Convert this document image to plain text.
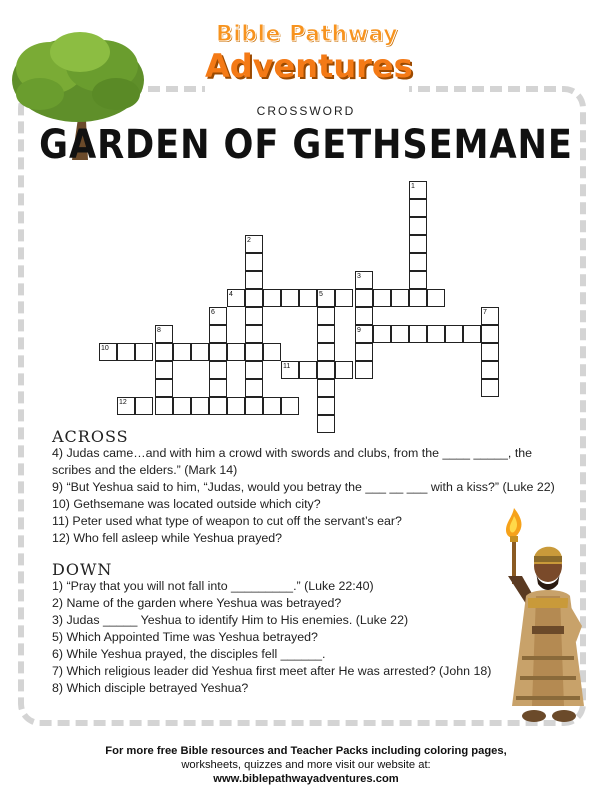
Bible Pathway
Adventures
CROSSWORD
GARDEN OF GETHSEMANE
1
2
3
4	5
6	7
8	9
10
11
12
ACROSS
4) Judas came…and with him a crowd with swords and clubs, from the ____ _____, the scribes and the elders.” (Mark 14)
9) “But Yeshua said to him, “Judas, would you betray the ___ __ ___ with a kiss?” (Luke 22)
10) Gethsemane was located outside which city?
11) Peter used what type of weapon to cut off the servant’s ear?
12) Who fell asleep while Yeshua prayed?
DOWN
1) “Pray that you will not fall into _________.” (Luke 22:40)
2) Name of the garden where Yeshua was betrayed?
3) Judas _____ Yeshua to identify Him to His enemies. (Luke 22)
5) Which Appointed Time was Yeshua betrayed?
6) While Yeshua prayed, the disciples fell ______.
7) Which religious leader did Yeshua first meet after He was arrested? (John 18)
8) Which disciple betrayed Yeshua?
For more free Bible resources and Teacher Packs including coloring pages,
worksheets, quizzes and more visit our website at:
www.biblepathwayadventures.com
